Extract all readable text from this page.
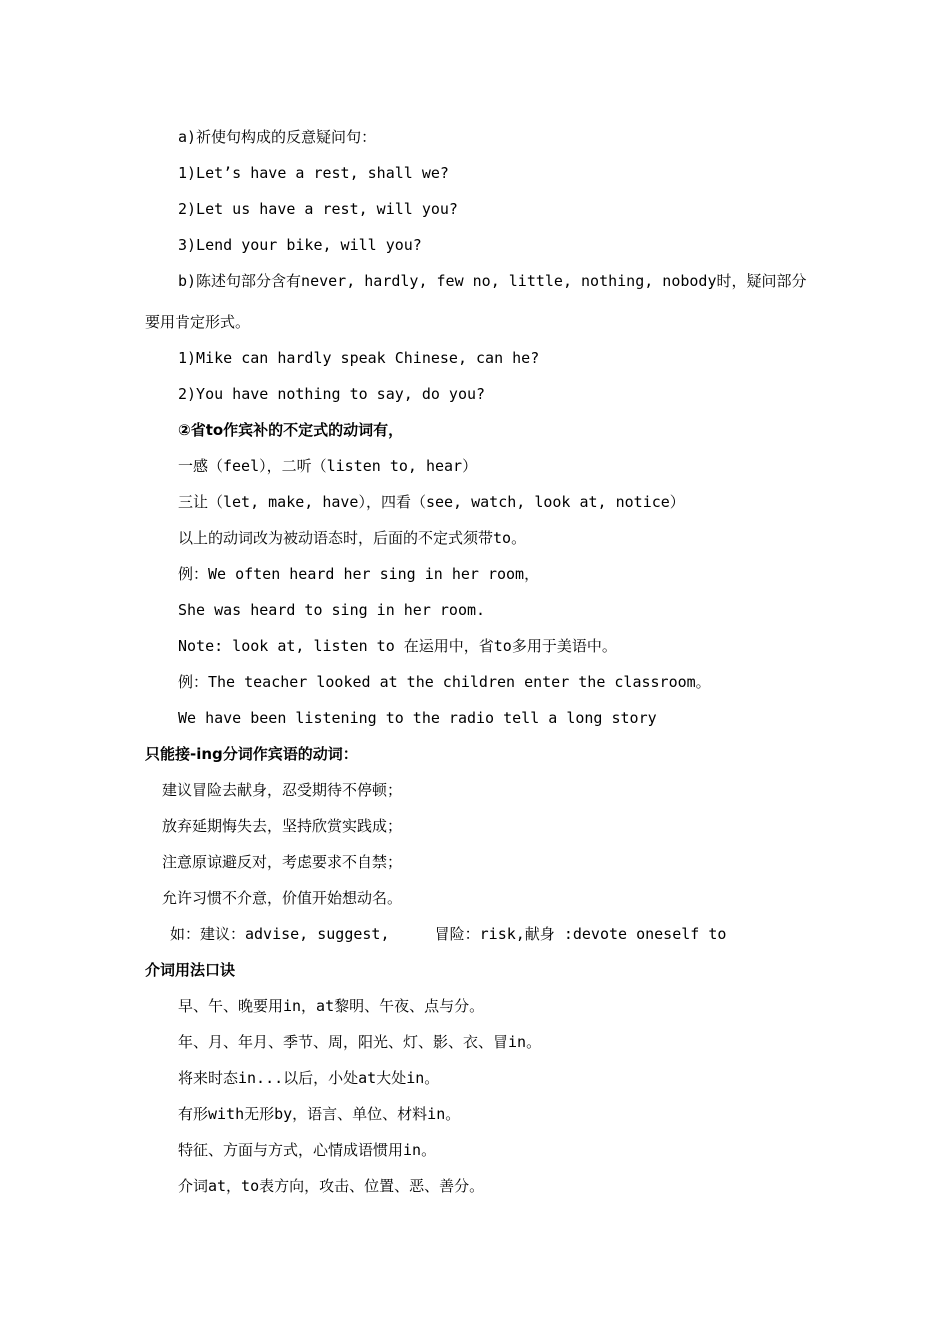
a)祈使句构成的反意疑问句：
1)Let’s have a rest, shall we?
2)Let us have a rest, will you?
3)Lend your bike, will you?
b)陈述句部分含有never, hardly, few no, little, nothing, nobody时，疑问部分
要用肯定形式。
1)Mike can hardly speak Chinese, can he?
2)You have nothing to say, do you?
②省to作宾补的不定式的动词有，
一感（feel），二听（listen to, hear）
三让（let, make, have），四看（see, watch, look at, notice）
以上的动词改为被动语态时，后面的不定式须带to。
例：We often heard her sing in her room，
She was heard to sing in her room.
Note: look at, listen to 在运用中，省to多用于美语中。
例：The teacher looked at the children enter the classroom。
We have been listening to the radio tell a long story
只能接-ing分词作宾语的动词：
建议冒险去献身，忍受期待不停顿；
放弃延期悔失去，坚持欣赏实践成；
注意原谅避反对，考虑要求不自禁；
允许习惯不介意，价值开始想动名。
如：建议：advise, suggest,     冒险：risk,献身 :devote oneself to
介词用法口诀
早、午、晚要用in，at黎明、午夜、点与分。
年、月、年月、季节、周，阳光、灯、影、衣、冒in。
将来时态in...以后，小处at大处in。
有形with无形by，语言、单位、材料in。
特征、方面与方式，心情成语惯用in。
介词at，to表方向，攻击、位置、恶、善分。
